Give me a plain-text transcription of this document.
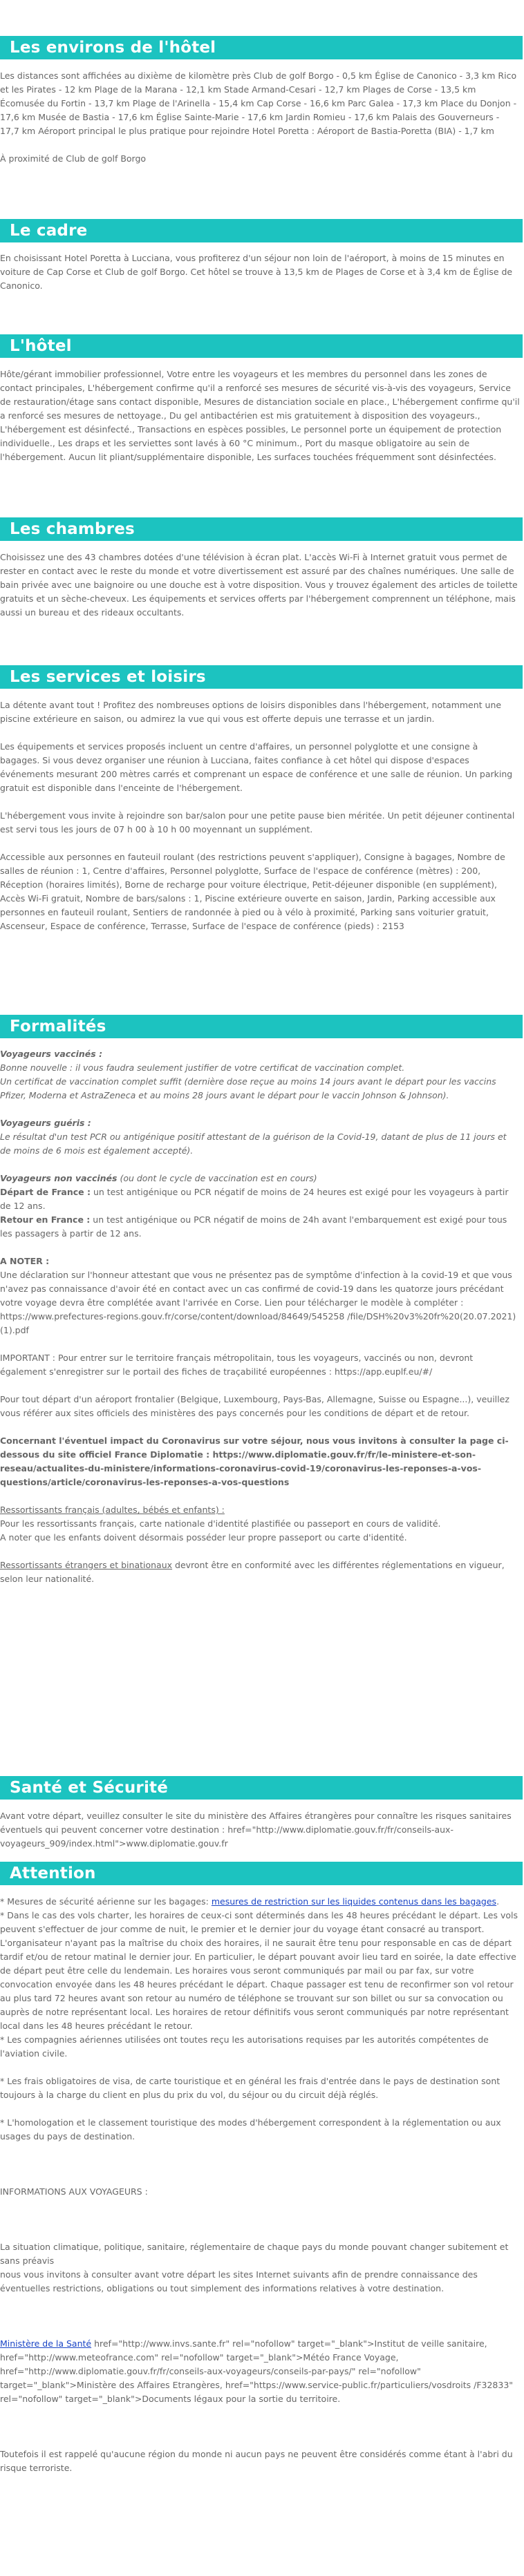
Les environs de l'hôtel

Les distances sont affichées au dixième de kilomètre près Club de golf Borgo - 0,5 km Église de Canonico - 3,3 km Rico et les Pirates - 12 km Plage de la Marana - 12,1 km Stade Armand-Cesari - 12,7 km Plages de Corse - 13,5 km Écomusée du Fortin - 13,7 km Plage de l'Arinella - 15,4 km Cap Corse - 16,6 km Parc Galea - 17,3 km Place du Donjon - 17,6 km Musée de Bastia - 17,6 km Église Sainte-Marie - 17,6 km Jardin Romieu - 17,6 km Palais des Gouverneurs - 17,7 km Aéroport principal le plus pratique pour rejoindre Hotel Poretta : Aéroport de Bastia-Poretta (BIA) - 1,7 km

À proximité de Club de golf Borgo

Le cadre

En choisissant Hotel Poretta à Lucciana, vous profiterez d'un séjour non loin de l'aéroport, à moins de 15 minutes en voiture de Cap Corse et Club de golf Borgo. Cet hôtel se trouve à 13,5 km de Plages de Corse et à 3,4 km de Église de Canonico.

L'hôtel

Hôte/gérant immobilier professionnel, Votre entre les voyageurs et les membres du personnel dans les zones de contact principales, L'hébergement confirme qu'il a renforcé ses mesures de sécurité vis-à-vis des voyageurs, Service de restauration/étage sans contact disponible, Mesures de distanciation sociale en place., L'hébergement confirme qu'il a renforcé ses mesures de nettoyage., Du gel antibactérien est mis gratuitement à disposition des voyageurs., L'hébergement est désinfecté., Transactions en espèces possibles, Le personnel porte un équipement de protection individuelle., Les draps et les serviettes sont lavés à 60 °C minimum., Port du masque obligatoire au sein de l'hébergement. Aucun lit pliant/supplémentaire disponible, Les surfaces touchées fréquemment sont désinfectées.

Les chambres

Choisissez une des 43 chambres dotées d'une télévision à écran plat. L'accès Wi-Fi à Internet gratuit vous permet de rester en contact avec le reste du monde et votre divertissement est assuré par des chaînes numériques. Une salle de bain privée avec une baignoire ou une douche est à votre disposition. Vous y trouvez également des articles de toilette gratuits et un sèche-cheveux. Les équipements et services offerts par l'hébergement comprennent un téléphone, mais aussi un bureau et des rideaux occultants.

Les services et loisirs

La détente avant tout ! Profitez des nombreuses options de loisirs disponibles dans l'hébergement, notamment une piscine extérieure en saison, ou admirez la vue qui vous est offerte depuis une terrasse et un jardin.

Les équipements et services proposés incluent un centre d'affaires, un personnel polyglotte et une consigne à bagages. Si vous devez organiser une réunion à Lucciana, faites confiance à cet hôtel qui dispose d'espaces événements mesurant 200 mètres carrés et comprenant un espace de conférence et une salle de réunion. Un parking gratuit est disponible dans l'enceinte de l'hébergement.

L'hébergement vous invite à rejoindre son bar/salon pour une petite pause bien méritée. Un petit déjeuner continental est servi tous les jours de 07 h 00 à 10 h 00 moyennant un supplément.

Accessible aux personnes en fauteuil roulant (des restrictions peuvent s'appliquer), Consigne à bagages, Nombre de salles de réunion : 1, Centre d'affaires, Personnel polyglotte, Surface de l'espace de conférence (mètres) : 200, Réception (horaires limités), Borne de recharge pour voiture électrique, Petit-déjeuner disponible (en supplément), Accès Wi-Fi gratuit, Nombre de bars/salons : 1, Piscine extérieure ouverte en saison, Jardin, Parking accessible aux personnes en fauteuil roulant, Sentiers de randonnée à pied ou à vélo à proximité, Parking sans voiturier gratuit, Ascenseur, Espace de conférence, Terrasse, Surface de l'espace de conférence (pieds) : 2153

Formalités

Voyageurs vaccinés :

Bonne nouvelle : il vous faudra seulement justifier de votre certificat de vaccination complet.

Un certificat de vaccination complet suffit (dernière dose reçue au moins 14 jours avant le départ pour les vaccins Pfizer, Moderna et AstraZeneca et au moins 28 jours avant le départ pour le vaccin Johnson & Johnson).

Voyageurs guéris :

Le résultat d'un test PCR ou antigénique positif attestant de la guérison de la Covid-19, datant de plus de 11 jours et de moins de 6 mois est également accepté).

Voyageurs non vaccinés (ou dont le cycle de vaccination est en cours)

Départ de France : un test antigénique ou PCR négatif de moins de 24 heures est exigé pour les voyageurs à partir de 12 ans.

Retour en France : un test antigénique ou PCR négatif de moins de 24h avant l'embarquement est exigé pour tous les passagers à partir de 12 ans.

A NOTER :

Une déclaration sur l'honneur attestant que vous ne présentez pas de symptôme d'infection à la covid-19 et que vous n'avez pas connaissance d'avoir été en contact avec un cas confirmé de covid-19 dans les quatorze jours précédant votre voyage devra être complétée avant l'arrivée en Corse. Lien pour télécharger le modèle à compléter : https://www.prefectures-regions.gouv.fr/corse/content/download/84649/545258 /file/DSH%20v3%20fr%20(20.07.2021)(1).pdf

IMPORTANT : Pour entrer sur le territoire français métropolitain, tous les voyageurs, vaccinés ou non, devront également s'enregistrer sur le portail des fiches de traçabilité européennes : https://app.euplf.eu/#/

Pour tout départ d'un aéroport frontalier (Belgique, Luxembourg, Pays-Bas, Allemagne, Suisse ou Espagne...), veuillez vous référer aux sites officiels des ministères des pays concernés pour les conditions de départ et de retour.

Concernant l'éventuel impact du Coronavirus sur votre séjour, nous vous invitons à consulter la page ci-dessous du site officiel France Diplomatie : https://www.diplomatie.gouv.fr/fr/le-ministere-et-son-reseau/actualites-du-ministere/informations-coronavirus-covid-19/coronavirus-les-reponses-a-vos-questions/article/coronavirus-les-reponses-a-vos-questions

Ressortissants français (adultes, bébés et enfants) :

Pour les ressortissants français, carte nationale d'identité plastifiée ou passeport en cours de validité.

A noter que les enfants doivent désormais posséder leur propre passeport ou carte d'identité.

Ressortissants étrangers et binationaux devront être en conformité avec les différentes réglementations en vigueur, selon leur nationalité.

Santé et Sécurité

Avant votre départ, veuillez consulter le site du ministère des Affaires étrangères pour connaître les risques sanitaires éventuels qui peuvent concerner votre destination : href="http://www.diplomatie.gouv.fr/fr/conseils-aux-voyageurs_909/index.html">www.diplomatie.gouv.fr

Attention

* Mesures de sécurité aérienne sur les bagages: mesures de restriction sur les liquides contenus dans les bagages.

* Dans le cas des vols charter, les horaires de ceux-ci sont déterminés dans les 48 heures précédant le départ. Les vols peuvent s'effectuer de jour comme de nuit, le premier et le dernier jour du voyage étant consacré au transport. L'organisateur n'ayant pas la maîtrise du choix des horaires, il ne saurait être tenu pour responsable en cas de départ tardif et/ou de retour matinal le dernier jour. En particulier, le départ pouvant avoir lieu tard en soirée, la date effective de départ peut être celle du lendemain. Les horaires vous seront communiqués par mail ou par fax, sur votre convocation envoyée dans les 48 heures précédant le départ. Chaque passager est tenu de reconfirmer son vol retour au plus tard 72 heures avant son retour au numéro de téléphone se trouvant sur son billet ou sur sa convocation ou auprès de notre représentant local. Les horaires de retour définitifs vous seront communiqués par notre représentant local dans les 48 heures précédant le retour.

* Les compagnies aériennes utilisées ont toutes reçu les autorisations requises par les autorités compétentes de l'aviation civile.

* Les frais obligatoires de visa, de carte touristique et en général les frais d'entrée dans le pays de destination sont toujours à la charge du client en plus du prix du vol, du séjour ou du circuit déjà réglés.

* L'homologation et le classement touristique des modes d'hébergement correspondent à la réglementation ou aux usages du pays de destination.

INFORMATIONS AUX VOYAGEURS :

La situation climatique, politique, sanitaire, réglementaire de chaque pays du monde pouvant changer subitement et sans préavis

nous vous invitons à consulter avant votre départ les sites Internet suivants afin de prendre connaissance des éventuelles restrictions, obligations ou tout simplement des informations relatives à votre destination.

Ministère de la Santé href="http://www.invs.sante.fr" rel="nofollow" target="_blank">Institut de veille sanitaire, href="http://www.meteofrance.com" rel="nofollow" target="_blank">Météo France Voyage, href="http://www.diplomatie.gouv.fr/fr/conseils-aux-voyageurs/conseils-par-pays/" rel="nofollow" target="_blank">Ministère des Affaires Etrangères, href="https://www.service-public.fr/particuliers/vosdroits /F32833" rel="nofollow" target="_blank">Documents légaux pour la sortie du territoire.

Toutefois il est rappelé qu'aucune région du monde ni aucun pays ne peuvent être considérés comme étant à l'abri du risque terroriste.
